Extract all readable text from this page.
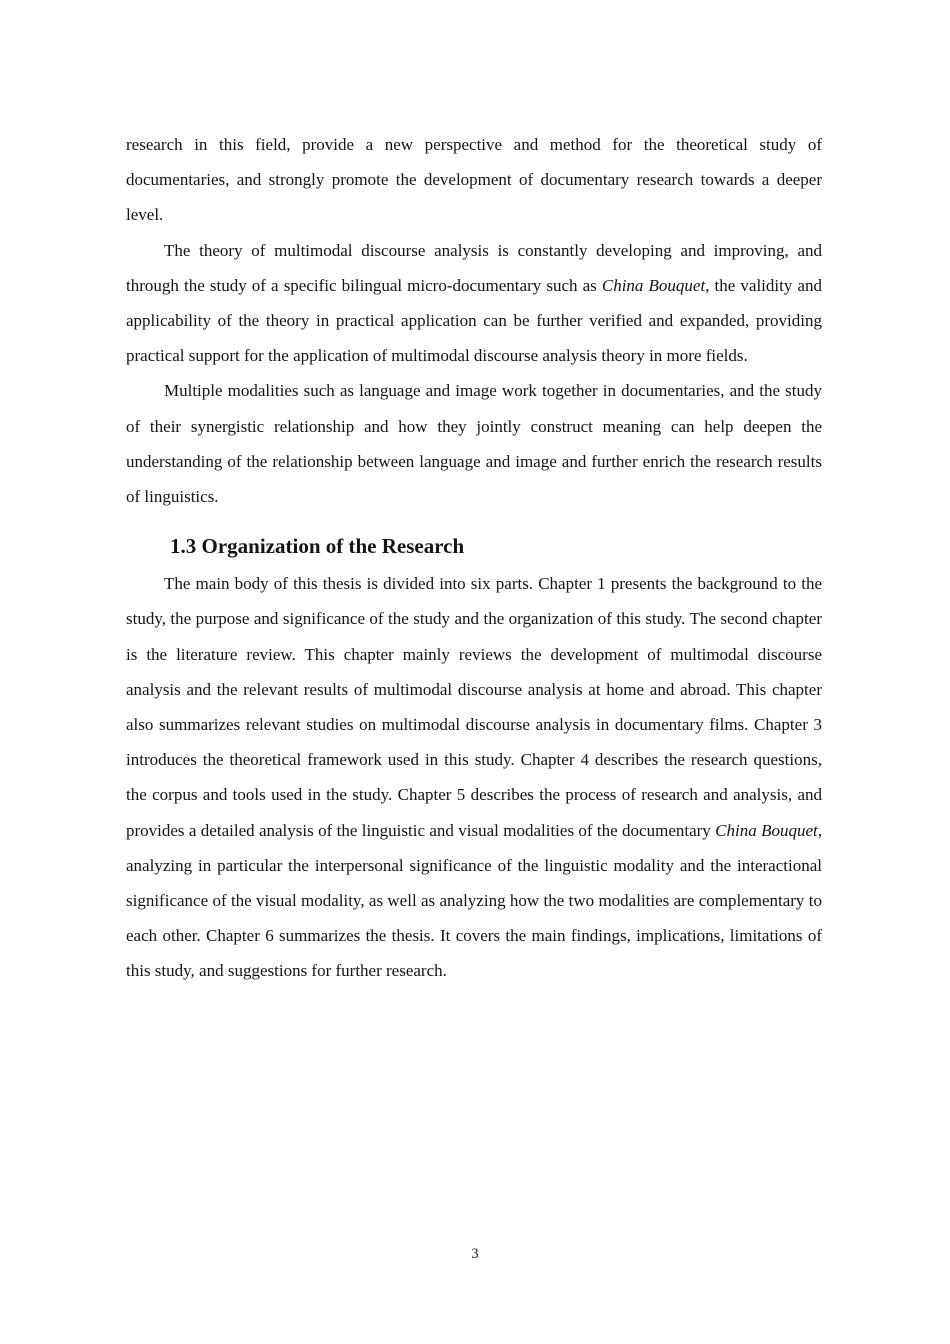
research in this field, provide a new perspective and method for the theoretical study of documentaries, and strongly promote the development of documentary research towards a deeper level.

The theory of multimodal discourse analysis is constantly developing and improving, and through the study of a specific bilingual micro-documentary such as China Bouquet, the validity and applicability of the theory in practical application can be further verified and expanded, providing practical support for the application of multimodal discourse analysis theory in more fields.

Multiple modalities such as language and image work together in documentaries, and the study of their synergistic relationship and how they jointly construct meaning can help deepen the understanding of the relationship between language and image and further enrich the research results of linguistics.

1.3 Organization of the Research

The main body of this thesis is divided into six parts. Chapter 1 presents the background to the study, the purpose and significance of the study and the organization of this study. The second chapter is the literature review. This chapter mainly reviews the development of multimodal discourse analysis and the relevant results of multimodal discourse analysis at home and abroad. This chapter also summarizes relevant studies on multimodal discourse analysis in documentary films. Chapter 3 introduces the theoretical framework used in this study. Chapter 4 describes the research questions, the corpus and tools used in the study. Chapter 5 describes the process of research and analysis, and provides a detailed analysis of the linguistic and visual modalities of the documentary China Bouquet, analyzing in particular the interpersonal significance of the linguistic modality and the interactional significance of the visual modality, as well as analyzing how the two modalities are complementary to each other. Chapter 6 summarizes the thesis. It covers the main findings, implications, limitations of this study, and suggestions for further research.

3
